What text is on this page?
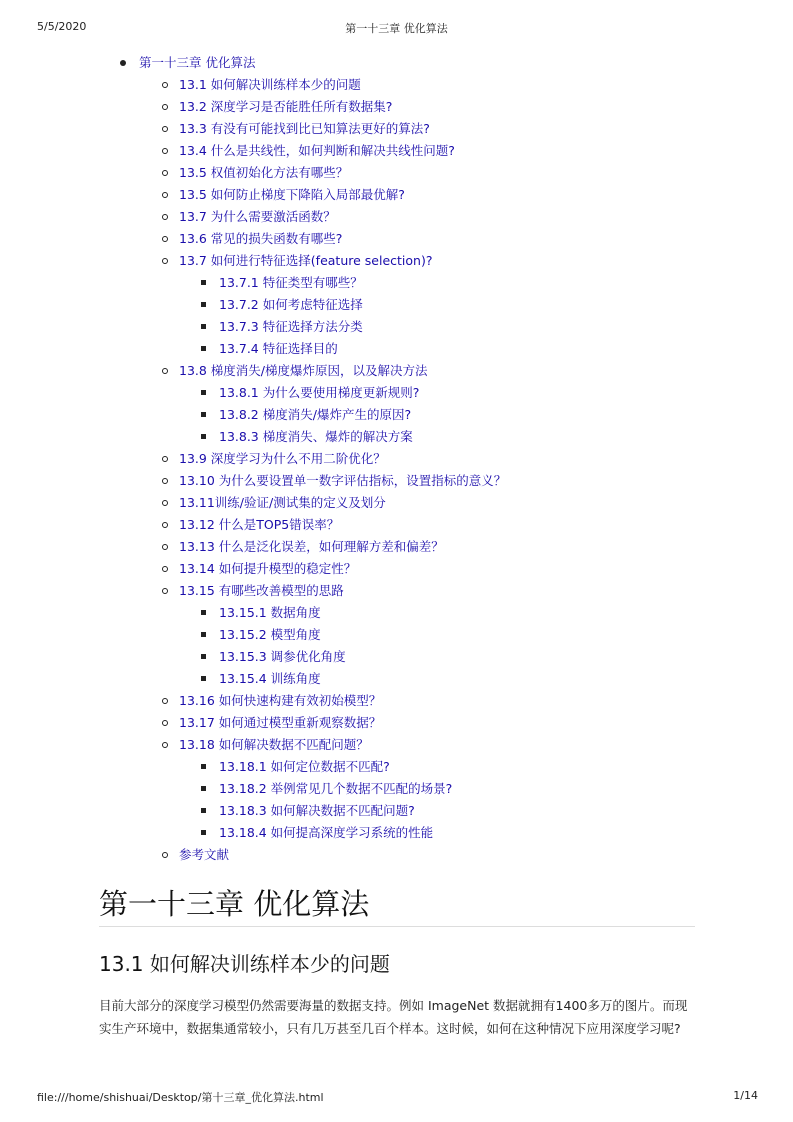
5/5/2020	第一十三章 优化算法
第一十三章 优化算法
13.1 如何解决训练样本少的问题
13.2 深度学习是否能胜任所有数据集?
13.3 有没有可能找到比已知算法更好的算法?
13.4 什么是共线性，如何判断和解决共线性问题?
13.5 权值初始化方法有哪些？
13.5 如何防止梯度下降陷入局部最优解?
13.7 为什么需要激活函数？
13.6 常见的损失函数有哪些?
13.7 如何进行特征选择(feature selection)?
13.7.1 特征类型有哪些？
13.7.2 如何考虑特征选择
13.7.3 特征选择方法分类
13.7.4 特征选择目的
13.8 梯度消失/梯度爆炸原因，以及解决方法
13.8.1 为什么要使用梯度更新规则?
13.8.2 梯度消失/爆炸产生的原因?
13.8.3 梯度消失、爆炸的解决方案
13.9 深度学习为什么不用二阶优化？
13.10 为什么要设置单一数字评估指标，设置指标的意义？
13.11训练/验证/测试集的定义及划分
13.12 什么是TOP5错误率？
13.13 什么是泛化误差，如何理解方差和偏差？
13.14 如何提升模型的稳定性？
13.15 有哪些改善模型的思路
13.15.1 数据角度
13.15.2 模型角度
13.15.3 调参优化角度
13.15.4 训练角度
13.16 如何快速构建有效初始模型？
13.17 如何通过模型重新观察数据？
13.18 如何解决数据不匹配问题？
13.18.1 如何定位数据不匹配?
13.18.2 举例常见几个数据不匹配的场景?
13.18.3 如何解决数据不匹配问题?
13.18.4 如何提高深度学习系统的性能
参考文献
第一十三章 优化算法
13.1 如何解决训练样本少的问题

目前大部分的深度学习模型仍然需要海量的数据支持。例如 ImageNet 数据就拥有1400多万的图片。而现实生产环境中，数据集通常较小，只有几万甚至几百个样本。这时候，如何在这种情况下应用深度学习呢?

file:///home/shishuai/Desktop/第十三章_优化算法.html	1/14
